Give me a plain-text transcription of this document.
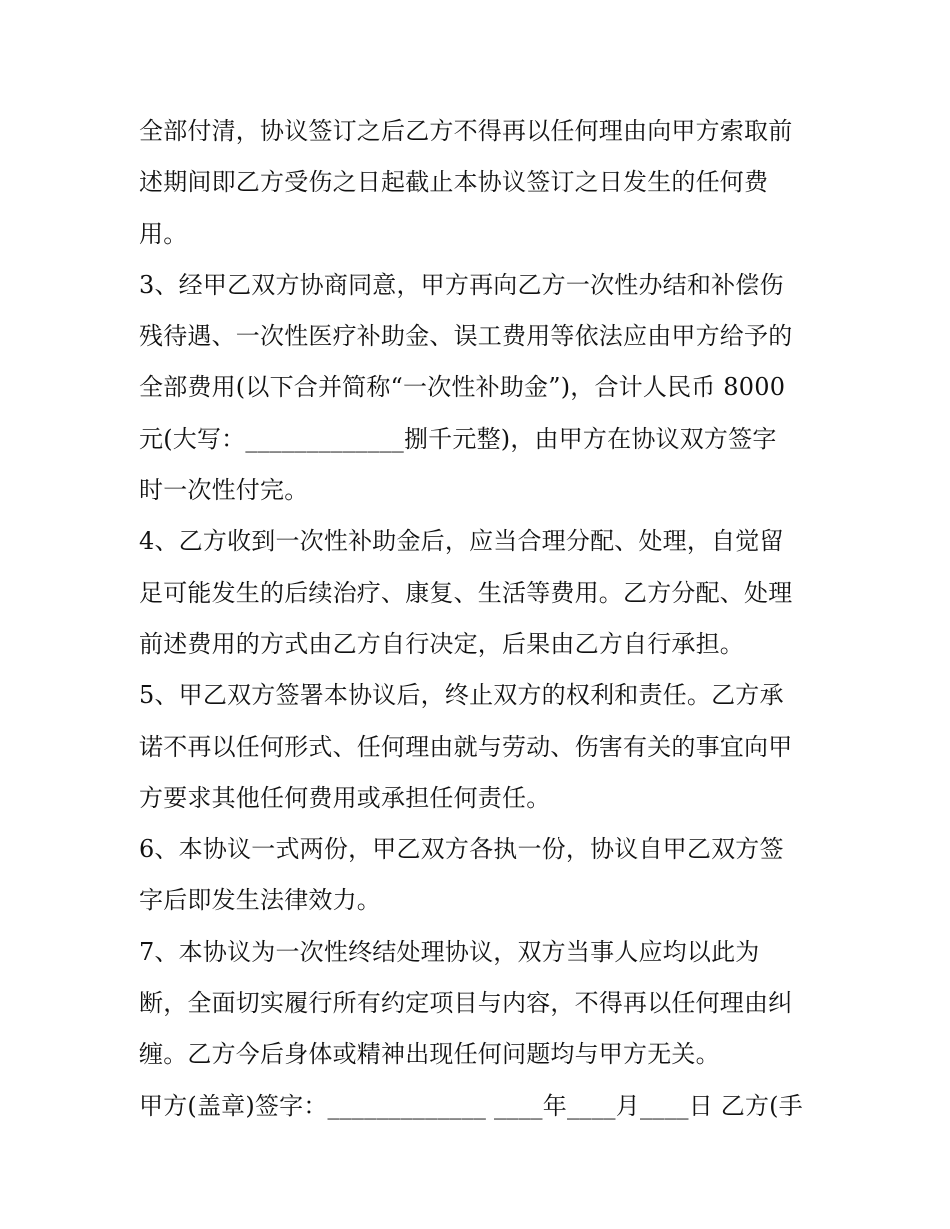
全部付清，协议签订之后乙方不得再以任何理由向甲方索取前
述期间即乙方受伤之日起截止本协议签订之日发生的任何费
用。
3、经甲乙双方协商同意，甲方再向乙方一次性办结和补偿伤
残待遇、一次性医疗补助金、误工费用等依法应由甲方给予的
全部费用(以下合并简称“一次性补助金”)，合计人民币 8000
元(大写：_____________捌千元整)，由甲方在协议双方签字
时一次性付完。
4、乙方收到一次性补助金后，应当合理分配、处理，自觉留
足可能发生的后续治疗、康复、生活等费用。乙方分配、处理
前述费用的方式由乙方自行决定，后果由乙方自行承担。
5、甲乙双方签署本协议后，终止双方的权利和责任。乙方承
诺不再以任何形式、任何理由就与劳动、伤害有关的事宜向甲
方要求其他任何费用或承担任何责任。
6、本协议一式两份，甲乙双方各执一份，协议自甲乙双方签
字后即发生法律效力。
7、本协议为一次性终结处理协议，双方当事人应均以此为
断，全面切实履行所有约定项目与内容，不得再以任何理由纠
缠。乙方今后身体或精神出现任何问题均与甲方无关。
甲方(盖章)签字：_____________ ____年____月____日 乙方(手
